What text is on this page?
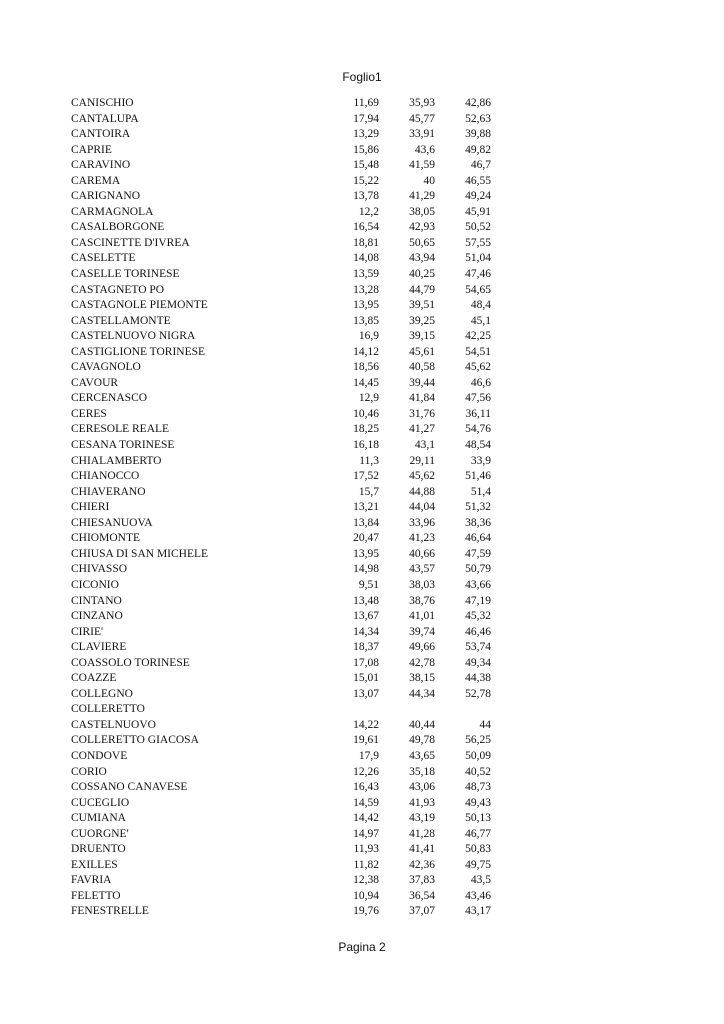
Foglio1
CANISCHIO	11,69	35,93	42,86
CANTALUPA	17,94	45,77	52,63
CANTOIRA	13,29	33,91	39,88
CAPRIE	15,86	43,6	49,82
CARAVINO	15,48	41,59	46,7
CAREMA	15,22	40	46,55
CARIGNANO	13,78	41,29	49,24
CARMAGNOLA	12,2	38,05	45,91
CASALBORGONE	16,54	42,93	50,52
CASCINETTE D'IVREA	18,81	50,65	57,55
CASELETTE	14,08	43,94	51,04
CASELLE TORINESE	13,59	40,25	47,46
CASTAGNETO PO	13,28	44,79	54,65
CASTAGNOLE PIEMONTE	13,95	39,51	48,4
CASTELLAMONTE	13,85	39,25	45,1
CASTELNUOVO NIGRA	16,9	39,15	42,25
CASTIGLIONE TORINESE	14,12	45,61	54,51
CAVAGNOLO	18,56	40,58	45,62
CAVOUR	14,45	39,44	46,6
CERCENASCO	12,9	41,84	47,56
CERES	10,46	31,76	36,11
CERESOLE REALE	18,25	41,27	54,76
CESANA TORINESE	16,18	43,1	48,54
CHIALAMBERTO	11,3	29,11	33,9
CHIANOCCO	17,52	45,62	51,46
CHIAVERANO	15,7	44,88	51,4
CHIERI	13,21	44,04	51,32
CHIESANUOVA	13,84	33,96	38,36
CHIOMONTE	20,47	41,23	46,64
CHIUSA DI SAN MICHELE	13,95	40,66	47,59
CHIVASSO	14,98	43,57	50,79
CICONIO	9,51	38,03	43,66
CINTANO	13,48	38,76	47,19
CINZANO	13,67	41,01	45,32
CIRIE'	14,34	39,74	46,46
CLAVIERE	18,37	49,66	53,74
COASSOLO TORINESE	17,08	42,78	49,34
COAZZE	15,01	38,15	44,38
COLLEGNO	13,07	44,34	52,78
COLLERETTO CASTELNUOVO	14,22	40,44	44
COLLERETTO GIACOSA	19,61	49,78	56,25
CONDOVE	17,9	43,65	50,09
CORIO	12,26	35,18	40,52
COSSANO CANAVESE	16,43	43,06	48,73
CUCEGLIO	14,59	41,93	49,43
CUMIANA	14,42	43,19	50,13
CUORGNE'	14,97	41,28	46,77
DRUENTO	11,93	41,41	50,83
EXILLES	11,82	42,36	49,75
FAVRIA	12,38	37,83	43,5
FELETTO	10,94	36,54	43,46
FENESTRELLE	19,76	37,07	43,17
Pagina 2
